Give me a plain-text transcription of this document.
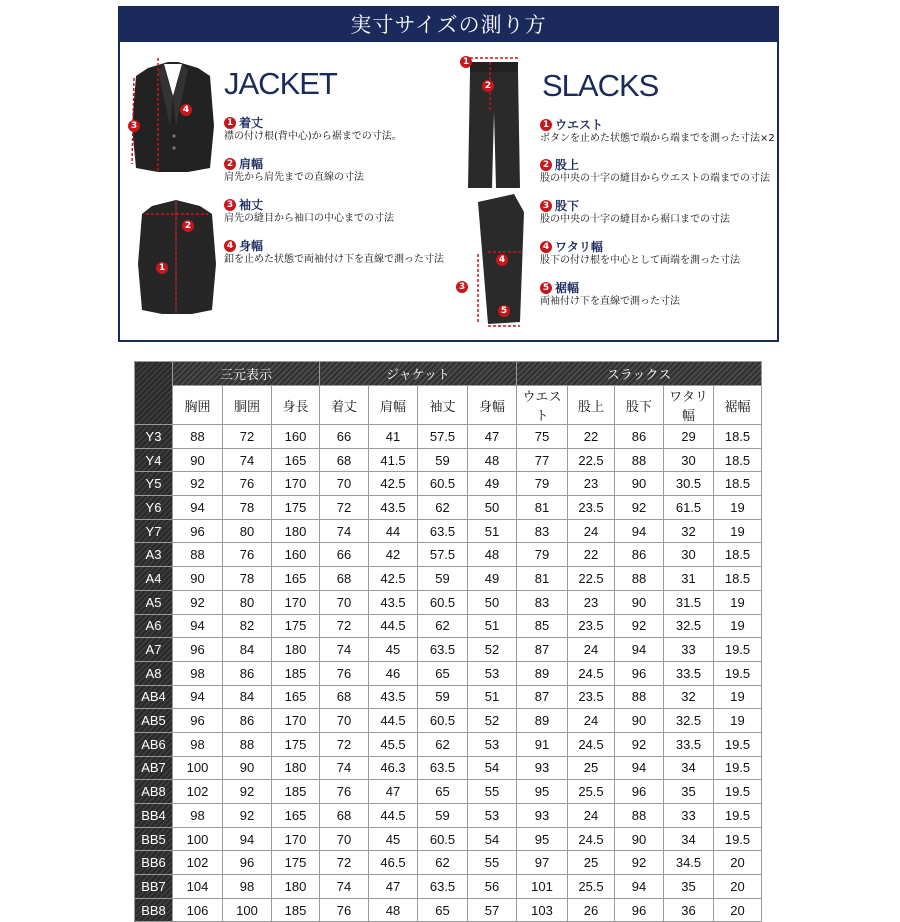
実寸サイズの測り方
3
4
2
1
JACKET
1 着丈
襟の付け根(背中心)から裾までの寸法。
2 肩幅
肩先から肩先までの直線の寸法
3 袖丈
肩先の縫目から袖口の中心までの寸法
4 身幅
釦を止めた状態で両袖付け下を直線で測った寸法
1
2
3
4
5
SLACKS
1 ウエスト
ボタンを止めた状態で端から端までを測った寸法×2
2 股上
股の中央の十字の縫目からウエストの端までの寸法
3 股下
股の中央の十字の縫目から裾口までの寸法
4 ワタリ幅
股下の付け根を中心として両端を測った寸法
5 裾幅
両袖付け下を直線で測った寸法
	三元表示			ジャケット				スラックス				
	胸囲	胴囲	身長	着丈	肩幅	袖丈	身幅	ウエスト	股上	股下	ワタリ幅	裾幅
Y3	88	72	160	66	41	57.5	47	75	22	86	29	18.5
Y4	90	74	165	68	41.5	59	48	77	22.5	88	30	18.5
Y5	92	76	170	70	42.5	60.5	49	79	23	90	30.5	18.5
Y6	94	78	175	72	43.5	62	50	81	23.5	92	61.5	19
Y7	96	80	180	74	44	63.5	51	83	24	94	32	19
A3	88	76	160	66	42	57.5	48	79	22	86	30	18.5
A4	90	78	165	68	42.5	59	49	81	22.5	88	31	18.5
A5	92	80	170	70	43.5	60.5	50	83	23	90	31.5	19
A6	94	82	175	72	44.5	62	51	85	23.5	92	32.5	19
A7	96	84	180	74	45	63.5	52	87	24	94	33	19.5
A8	98	86	185	76	46	65	53	89	24.5	96	33.5	19.5
AB4	94	84	165	68	43.5	59	51	87	23.5	88	32	19
AB5	96	86	170	70	44.5	60.5	52	89	24	90	32.5	19
AB6	98	88	175	72	45.5	62	53	91	24.5	92	33.5	19.5
AB7	100	90	180	74	46.3	63.5	54	93	25	94	34	19.5
AB8	102	92	185	76	47	65	55	95	25.5	96	35	19.5
BB4	98	92	165	68	44.5	59	53	93	24	88	33	19.5
BB5	100	94	170	70	45	60.5	54	95	24.5	90	34	19.5
BB6	102	96	175	72	46.5	62	55	97	25	92	34.5	20
BB7	104	98	180	74	47	63.5	56	101	25.5	94	35	20
BB8	106	100	185	76	48	65	57	103	26	96	36	20
